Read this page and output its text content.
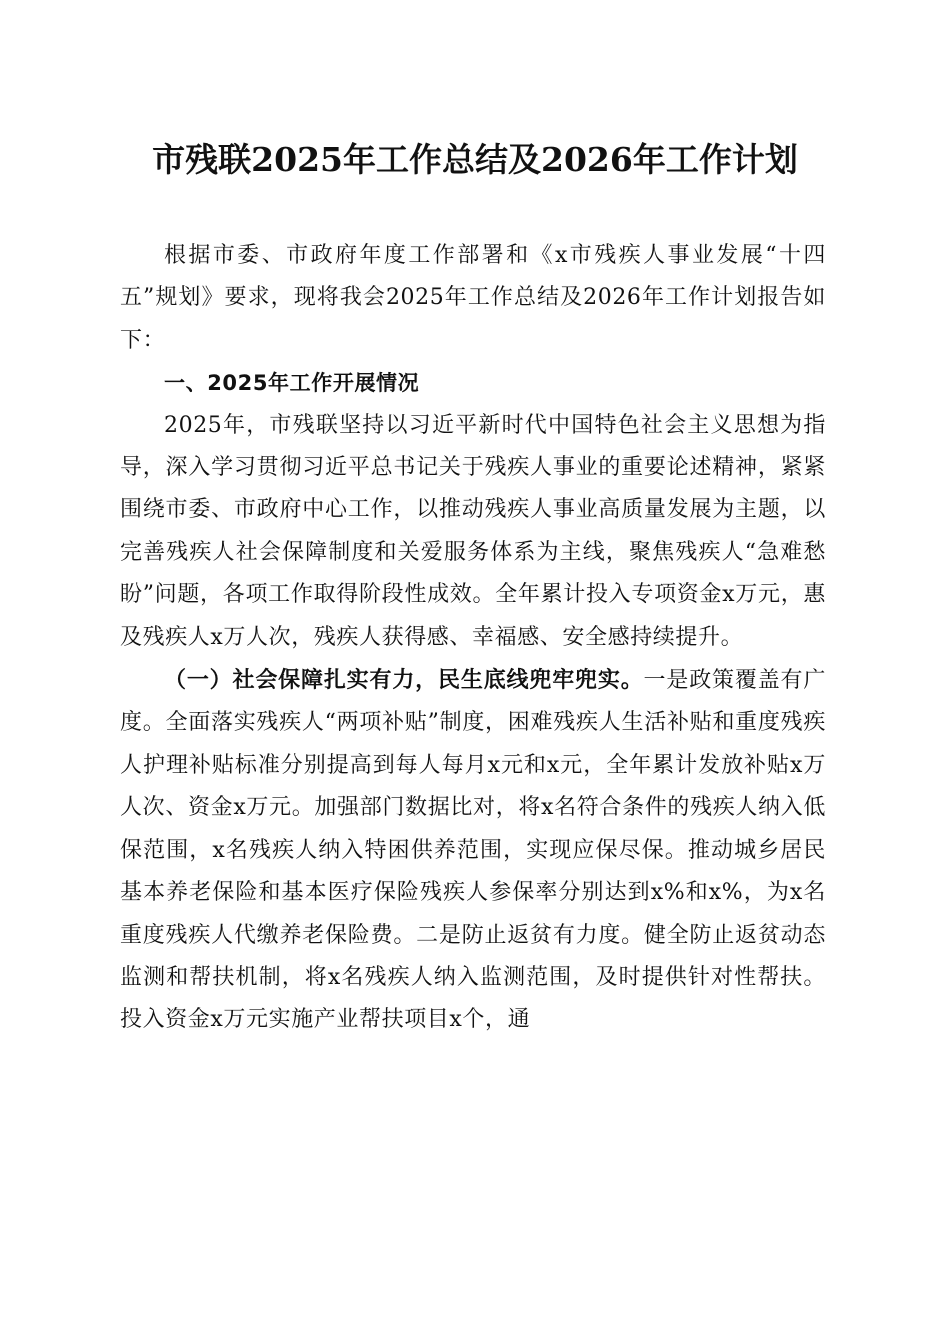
市残联2025年工作总结及2026年工作计划

根据市委、市政府年度工作部署和《x市残疾人事业发展“十四五”规划》要求，现将我会2025年工作总结及2026年工作计划报告如下：

一、2025年工作开展情况

2025年，市残联坚持以习近平新时代中国特色社会主义思想为指导，深入学习贯彻习近平总书记关于残疾人事业的重要论述精神，紧紧围绕市委、市政府中心工作，以推动残疾人事业高质量发展为主题，以完善残疾人社会保障制度和关爱服务体系为主线，聚焦残疾人“急难愁盼”问题，各项工作取得阶段性成效。全年累计投入专项资金x万元，惠及残疾人x万人次，残疾人获得感、幸福感、安全感持续提升。

（一）社会保障扎实有力，民生底线兜牢兜实。一是政策覆盖有广度。全面落实残疾人“两项补贴”制度，困难残疾人生活补贴和重度残疾人护理补贴标准分别提高到每人每月x元和x元，全年累计发放补贴x万人次、资金x万元。加强部门数据比对，将x名符合条件的残疾人纳入低保范围，x名残疾人纳入特困供养范围，实现应保尽保。推动城乡居民基本养老保险和基本医疗保险残疾人参保率分别达到x%和x%，为x名重度残疾人代缴养老保险费。二是防止返贫有力度。健全防止返贫动态监测和帮扶机制，将x名残疾人纳入监测范围，及时提供针对性帮扶。投入资金x万元实施产业帮扶项目x个，通
